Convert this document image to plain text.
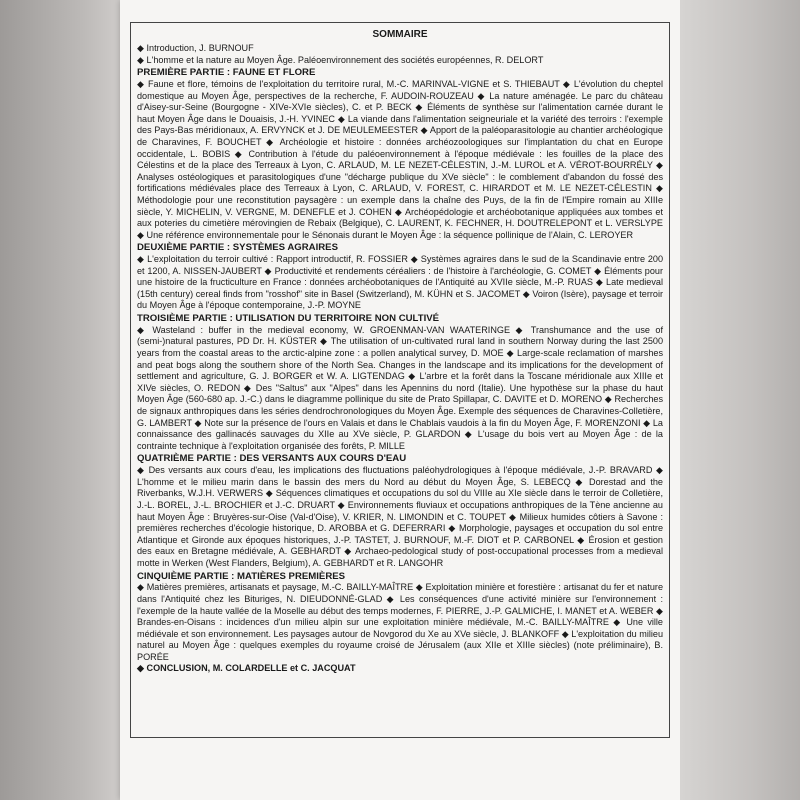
SOMMAIRE

◆ Introduction, J. BURNOUF

◆ L'homme et la nature au Moyen Âge. Paléoenvironnement des sociétés européennes, R. DELORT

PREMIÈRE PARTIE : FAUNE ET FLORE

◆ Faune et flore, témoins de l'exploitation du territoire rural, M.-C. MARINVAL-VIGNE et S. THIEBAUT ◆ L'évolution du cheptel domestique au Moyen Âge, perspectives de la recherche, F. AUDOIN-ROUZEAU ◆ La nature aménagée. Le parc du château d'Aisey-sur-Seine (Bourgogne - XIVe-XVIe siècles), C. et P. BECK ◆ Éléments de synthèse sur l'alimentation carnée durant le haut Moyen Âge dans le Douaisis, J.-H. YVINEC ◆ La viande dans l'alimentation seigneuriale et la variété des terroirs : l'exemple des Pays-Bas méridionaux, A. ERVYNCK et J. DE MEULEMEESTER ◆ Apport de la paléoparasitologie au chantier archéologique de Charavines, F. BOUCHET ◆ Archéologie et histoire : données archéozoologiques sur l'implantation du chat en Europe occidentale, L. BOBIS ◆ Contribution à l'étude du paléoenvironnement à l'époque médiévale : les fouilles de la place des Célestins et de la place des Terreaux à Lyon, C. ARLAUD, M. LE NEZET-CÉLESTIN, J.-M. LUROL et A. VÉROT-BOURRÉLY ◆ Analyses ostéologiques et parasitologiques d'une "décharge publique du XVe siècle" : le comblement d'abandon du fossé des fortifications médiévales place des Terreaux à Lyon, C. ARLAUD, V. FOREST, C. HIRARDOT et M. LE NEZET-CÉLESTIN ◆ Méthodologie pour une reconstitution paysagère : un exemple dans la chaîne des Puys, de la fin de l'Empire romain au XIIIe siècle, Y. MICHELIN, V. VERGNE, M. DENEFLE et J. COHEN ◆ Archéopédologie et archéobotanique appliquées aux tombes et aux poteries du cimetière mérovingien de Rebaix (Belgique), C. LAURENT, K. FECHNER, H. DOUTRELEPONT et L. VERSLYPE ◆ Une référence environnementale pour le Sénonais durant le Moyen Âge : la séquence pollinique de l'Alain, C. LEROYER

DEUXIÈME PARTIE : SYSTÈMES AGRAIRES

◆ L'exploitation du terroir cultivé : Rapport introductif, R. FOSSIER ◆ Systèmes agraires dans le sud de la Scandinavie entre 200 et 1200, A. NISSEN-JAUBERT ◆ Productivité et rendements céréaliers : de l'histoire à l'archéologie, G. COMET ◆ Éléments pour une histoire de la fructiculture en France : données archéobotaniques de l'Antiquité au XVIIe siècle, M.-P. RUAS ◆ Late medieval (15th century) cereal finds from "rosshof" site in Basel (Switzerland), M. KÜHN et S. JACOMET ◆ Voiron (Isère), paysage et terroir du Moyen Âge à l'époque contemporaine, J.-P. MOYNE

TROISIÈME PARTIE : UTILISATION DU TERRITOIRE NON CULTIVÉ

◆ Wasteland : buffer in the medieval economy, W. GROENMAN-VAN WAATERINGE ◆ Transhumance and the use of (semi-)natural pastures, PD Dr. H. KÜSTER ◆ The utilisation of un-cultivated rural land in southern Norway during the last 2500 years from the coastal areas to the arctic-alpine zone : a pollen analytical survey, D. MOE ◆ Large-scale reclamation of marshes and peat bogs along the southern shore of the North Sea. Changes in the landscape and its implications for the development of settlement and agriculture, G. J. BORGER et W. A. LIGTENDAG ◆ L'arbre et la forêt dans la Toscane méridionale aux XIIIe et XIVe siècles, O. REDON ◆ Des "Saltus" aux "Alpes" dans les Apennins du nord (Italie). Une hypothèse sur la phase du haut Moyen Âge (560-680 ap. J.-C.) dans le diagramme pollinique du site de Prato Spillapar, C. DAVITE et D. MORENO ◆ Recherches de signaux anthropiques dans les séries dendrochronologiques du Moyen Âge. Exemple des séquences de Charavines-Colletière, G. LAMBERT ◆ Note sur la présence de l'ours en Valais et dans le Chablais vaudois à la fin du Moyen Âge, F. MORENZONI ◆ La connaissance des gallinacés sauvages du XIIe au XVe siècle, P. GLARDON ◆ L'usage du bois vert au Moyen Âge : de la contrainte technique à l'exploitation organisée des forêts, P. MILLE

QUATRIÈME PARTIE : DES VERSANTS AUX COURS D'EAU

◆ Des versants aux cours d'eau, les implications des fluctuations paléohydrologiques à l'époque médiévale, J.-P. BRAVARD ◆ L'homme et le milieu marin dans le bassin des mers du Nord au début du Moyen Âge, S. LEBECQ ◆ Dorestad and the Riverbanks, W.J.H. VERWERS ◆ Séquences climatiques et occupations du sol du VIIIe au XIe siècle dans le terroir de Colletière, J.-L. BOREL, J.-L. BROCHIER et J.-C. DRUART ◆ Environnements fluviaux et occupations anthropiques de la Tène ancienne au haut Moyen Âge : Bruyères-sur-Oise (Val-d'Oise), V. KRIER, N. LIMONDIN et C. TOUPET ◆ Milieux humides côtiers à Savone : premières recherches d'écologie historique, D. AROBBA et G. DEFERRARI ◆ Morphologie, paysages et occupation du sol entre Atlantique et Gironde aux époques historiques, J.-P. TASTET, J. BURNOUF, M.-F. DIOT et P. CARBONEL ◆ Érosion et gestion des eaux en Bretagne médiévale, A. GEBHARDT ◆ Archaeo-pedological study of post-occupational processes from a medieval motte in Werken (West Flanders, Belgium), A. GEBHARDT et R. LANGOHR

CINQUIÈME PARTIE : MATIÈRES PREMIÈRES

◆ Matières premières, artisanats et paysage, M.-C. BAILLY-MAÎTRE ◆ Exploitation minière et forestière : artisanat du fer et nature dans l'Antiquité chez les Bituriges, N. DIEUDONNÉ-GLAD ◆ Les conséquences d'une activité minière sur l'environnement : l'exemple de la haute vallée de la Moselle au début des temps modernes, F. PIERRE, J.-P. GALMICHE, I. MANET et A. WEBER ◆ Brandes-en-Oisans : incidences d'un milieu alpin sur une exploitation minière médiévale, M.-C. BAILLY-MAÎTRE ◆ Une ville médiévale et son environnement. Les paysages autour de Novgorod du Xe au XVe siècle, J. BLANKOFF ◆ L'exploitation du milieu naturel au Moyen Âge : quelques exemples du royaume croisé de Jérusalem (aux XIIe et XIIIe siècles) (note préliminaire), B. PORÉE

◆ CONCLUSION, M. COLARDELLE et C. JACQUAT
